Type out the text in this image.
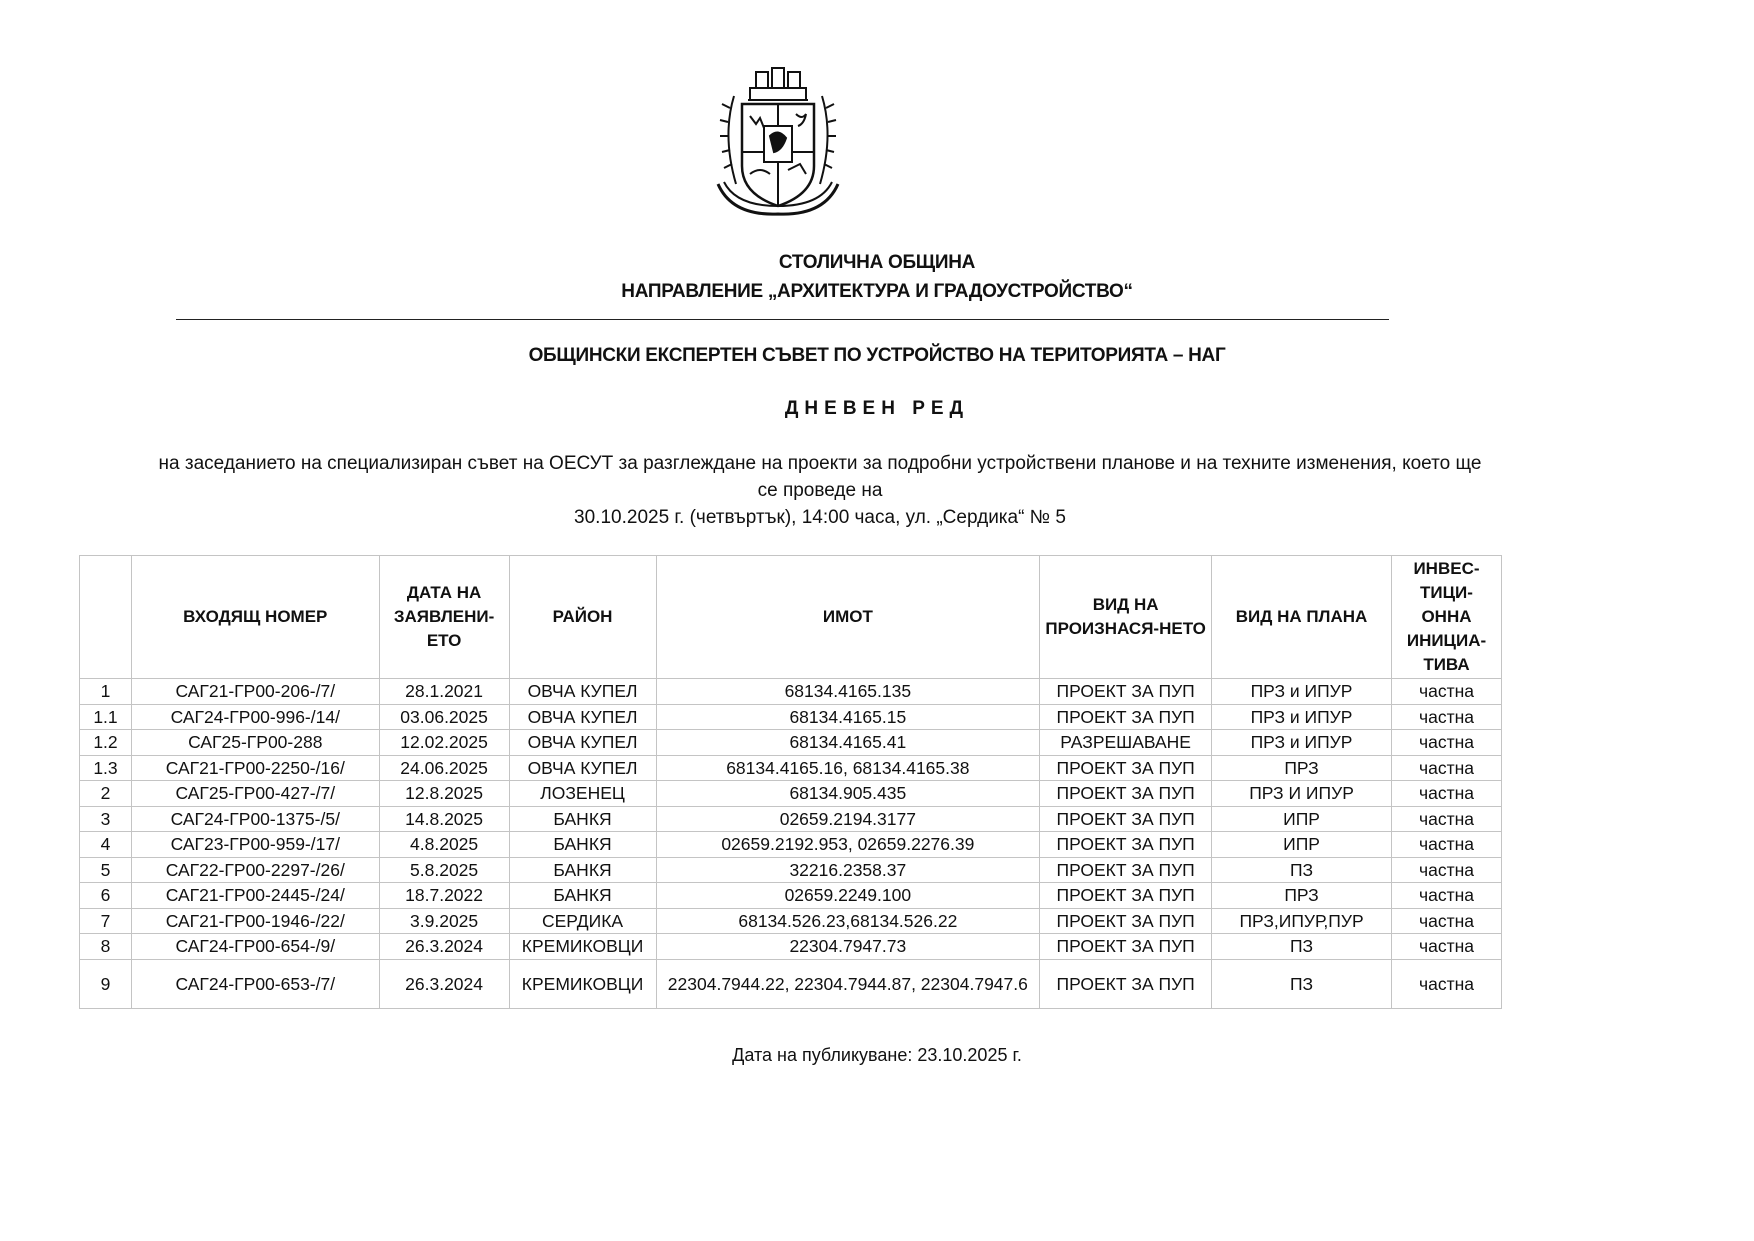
СТОЛИЧНА ОБЩИНА
НАПРАВЛЕНИЕ „АРХИТЕКТУРА И ГРАДОУСТРОЙСТВО“
ОБЩИНСКИ ЕКСПЕРТЕН СЪВЕТ ПО УСТРОЙСТВО НА ТЕРИТОРИЯТА – НАГ
ДНЕВЕН РЕД
на заседанието на специализиран съвет на ОЕСУТ за разглеждане на проекти за подробни устройствени планове и на техните изменения, което ще се проведе на
30.10.2025 г. (четвъртък), 14:00 часа, ул. „Сердика“ № 5
	ВХОДЯЩ НОМЕР	ДАТА НА ЗАЯВЛЕНИ-ЕТО	РАЙОН	ИМОТ	ВИД НА ПРОИЗНАСЯ-НЕТО	ВИД НА ПЛАНА	ИНВЕС-ТИЦИ-ОННА ИНИЦИА-ТИВА
1	САГ21-ГР00-206-/7/	28.1.2021	ОВЧА КУПЕЛ	68134.4165.135	ПРОЕКТ ЗА ПУП	ПРЗ и ИПУР	частна
1.1	САГ24-ГР00-996-/14/	03.06.2025	ОВЧА КУПЕЛ	68134.4165.15	ПРОЕКТ ЗА ПУП	ПРЗ и ИПУР	частна
1.2	САГ25-ГР00-288	12.02.2025	ОВЧА КУПЕЛ	68134.4165.41	РАЗРЕШАВАНЕ	ПРЗ и ИПУР	частна
1.3	САГ21-ГР00-2250-/16/	24.06.2025	ОВЧА КУПЕЛ	68134.4165.16, 68134.4165.38	ПРОЕКТ ЗА ПУП	ПРЗ	частна
2	САГ25-ГР00-427-/7/	12.8.2025	ЛОЗЕНЕЦ	68134.905.435	ПРОЕКТ ЗА ПУП	ПРЗ И ИПУР	частна
3	САГ24-ГР00-1375-/5/	14.8.2025	БАНКЯ	02659.2194.3177	ПРОЕКТ ЗА ПУП	ИПР	частна
4	САГ23-ГР00-959-/17/	4.8.2025	БАНКЯ	02659.2192.953, 02659.2276.39	ПРОЕКТ ЗА ПУП	ИПР	частна
5	САГ22-ГР00-2297-/26/	5.8.2025	БАНКЯ	32216.2358.37	ПРОЕКТ ЗА ПУП	ПЗ	частна
6	САГ21-ГР00-2445-/24/	18.7.2022	БАНКЯ	02659.2249.100	ПРОЕКТ ЗА ПУП	ПРЗ	частна
7	САГ21-ГР00-1946-/22/	3.9.2025	СЕРДИКА	68134.526.23,68134.526.22	ПРОЕКТ ЗА ПУП	ПРЗ,ИПУР,ПУР	частна
8	САГ24-ГР00-654-/9/	26.3.2024	КРЕМИКОВЦИ	22304.7947.73	ПРОЕКТ ЗА ПУП	ПЗ	частна
9	САГ24-ГР00-653-/7/	26.3.2024	КРЕМИКОВЦИ	22304.7944.22, 22304.7944.87, 22304.7947.6	ПРОЕКТ ЗА ПУП	ПЗ	частна
Дата на публикуване: 23.10.2025 г.
